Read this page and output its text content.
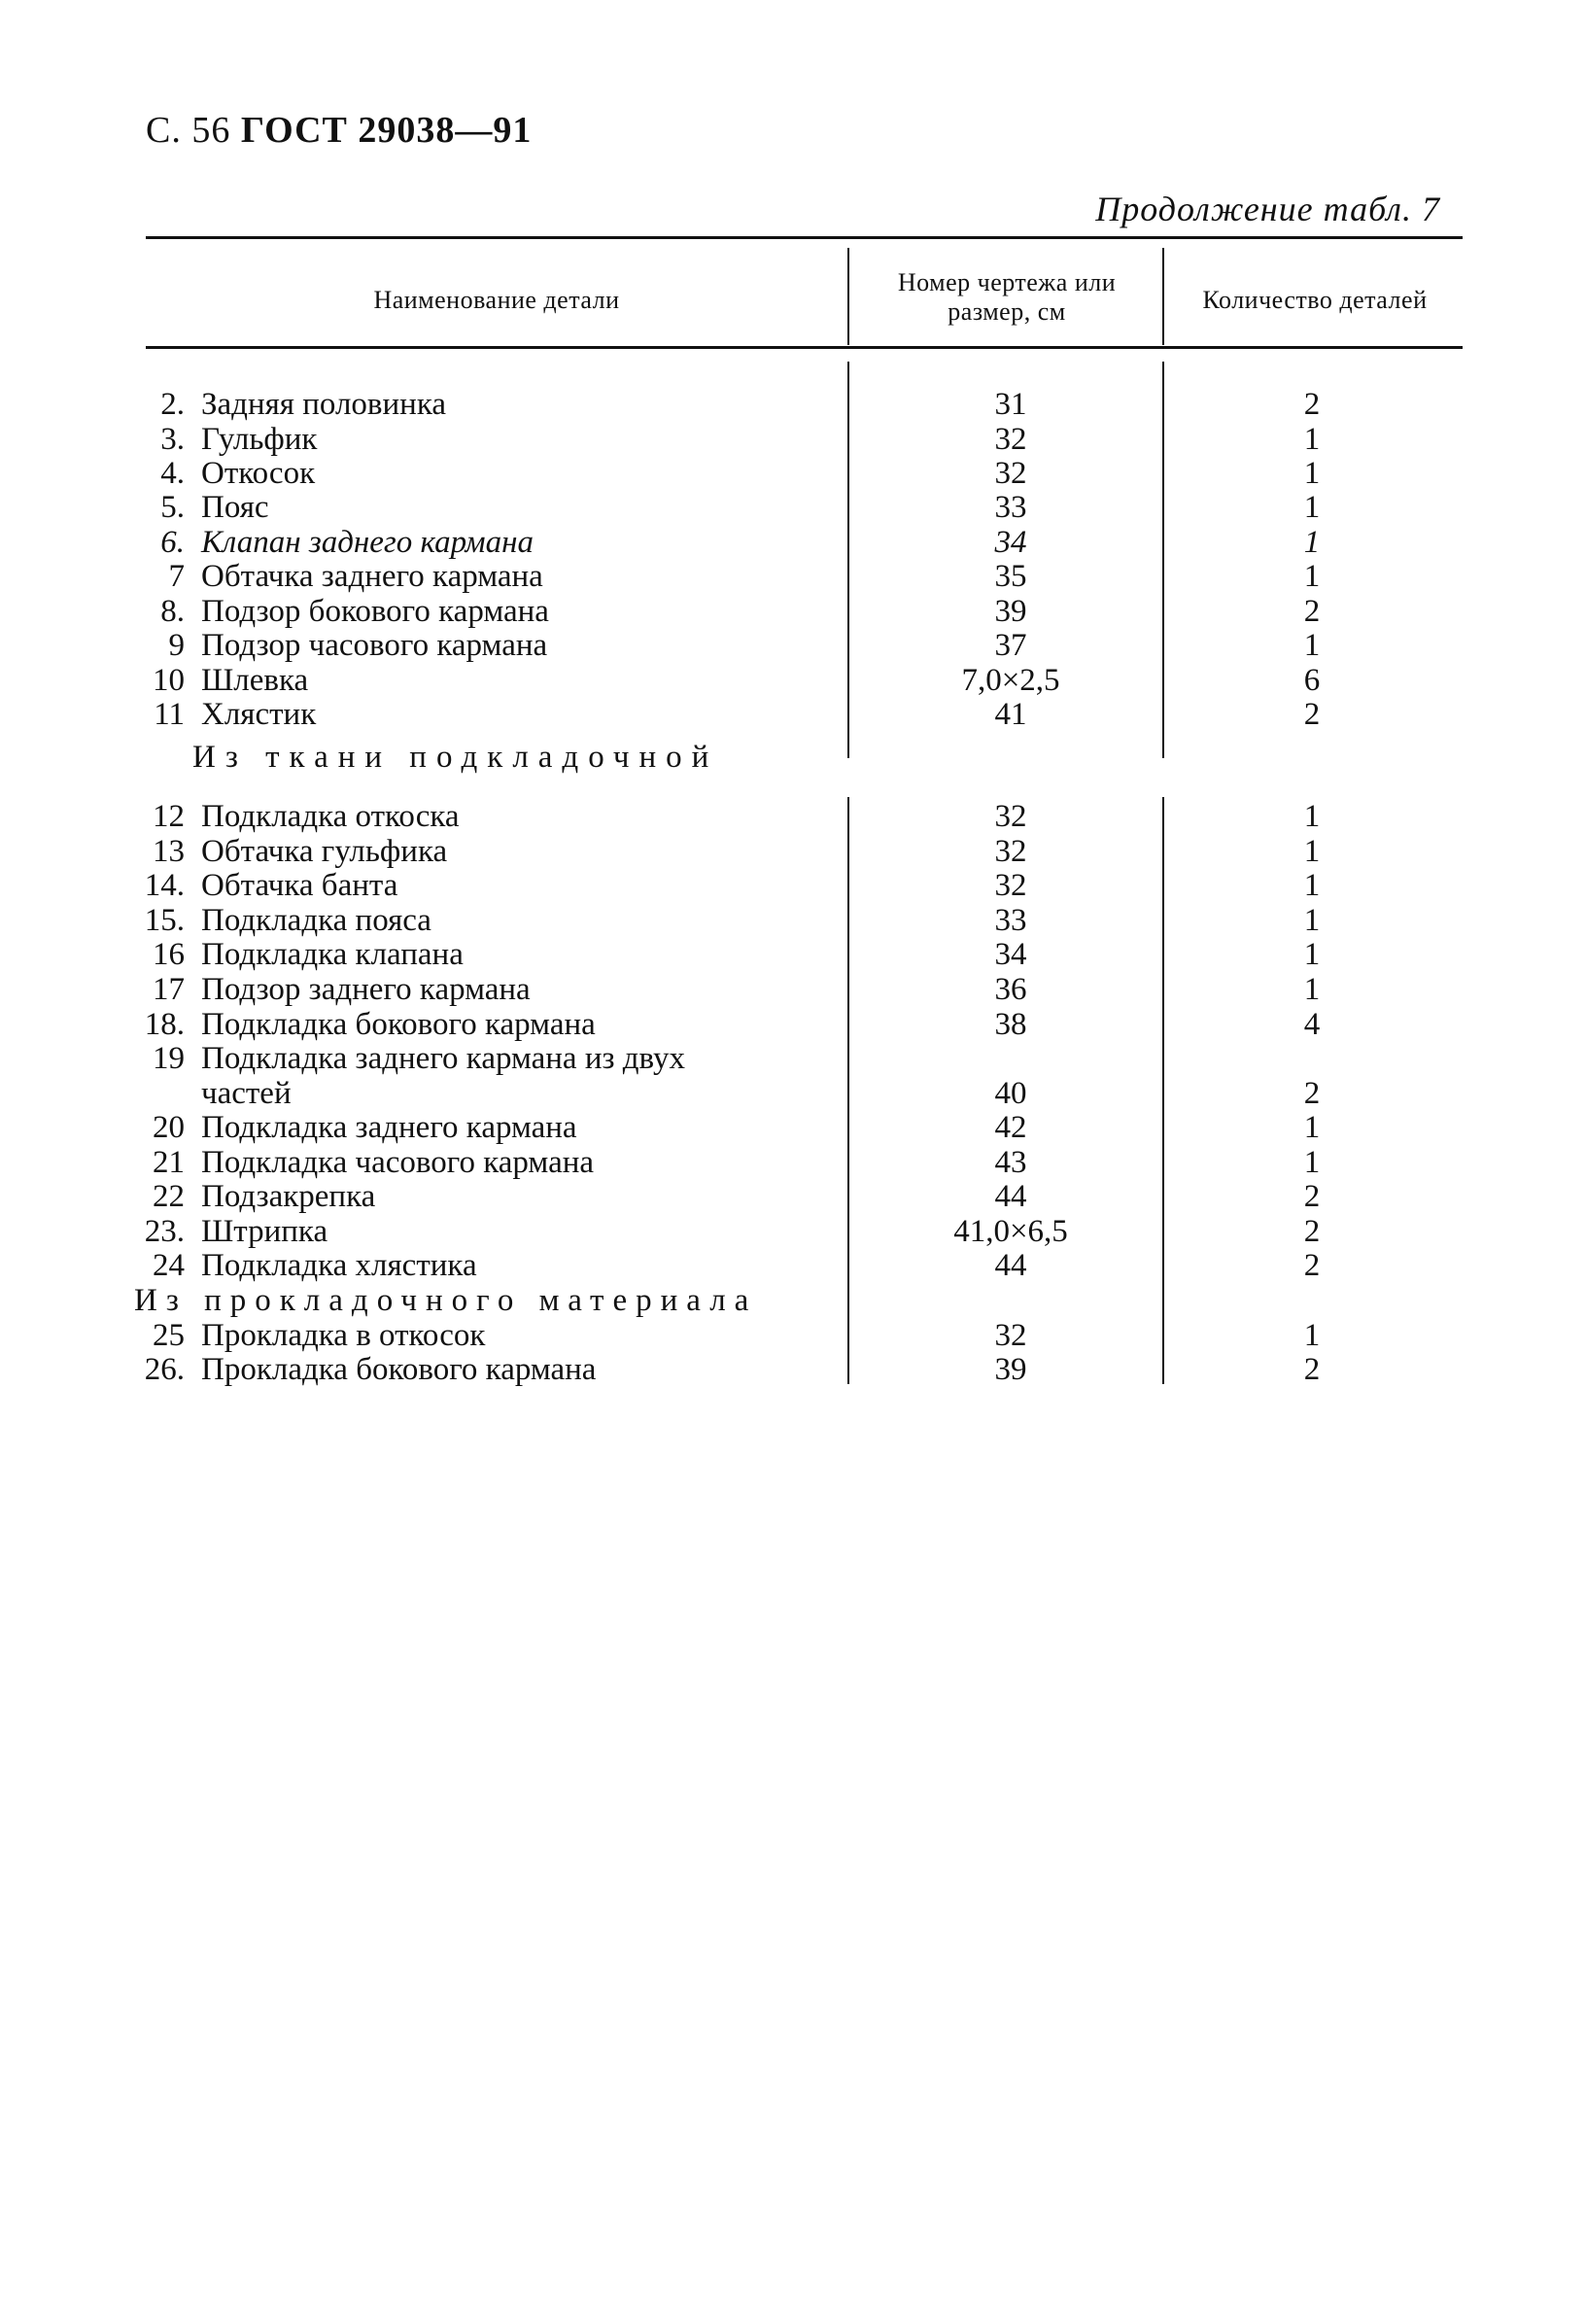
С. 56 ГОСТ 29038—91
Продолжение табл. 7
Наименование детали
Номер чертежа или размер, см	Количество деталей
2. Задняя половинка	31	2
3. Гульфик	32	1
4. Откосок	32	1
5. Пояс	33	1
6. Клапан заднего кармана	34	1
7 Обтачка заднего кармана	35	1
8. Подзор бокового кармана	39	2
9 Подзор часового кармана	37	1
10 Шлевка	7,0×2,5	6
11 Хлястик	41	2
Из ткани подкладочной
12 Подкладка откоска	32	1
13 Обтачка гульфика	32	1
14. Обтачка банта	32	1
15. Подкладка пояса	33	1
16 Подкладка клапана	34	1
17 Подзор заднего кармана	36	1
18. Подкладка бокового кармана	38	4
19 Подкладка заднего кармана из двух
частей	40	2
20 Подкладка заднего кармана	42	1
21 Подкладка часового кармана	43	1
22 Подзакрепка	44	2
23. Штрипка	41,0×6,5	2
24 Подкладка хлястика	44	2
Из прокладочного материала
25 Прокладка в откосок	32	1
26. Прокладка бокового кармана	39	2
